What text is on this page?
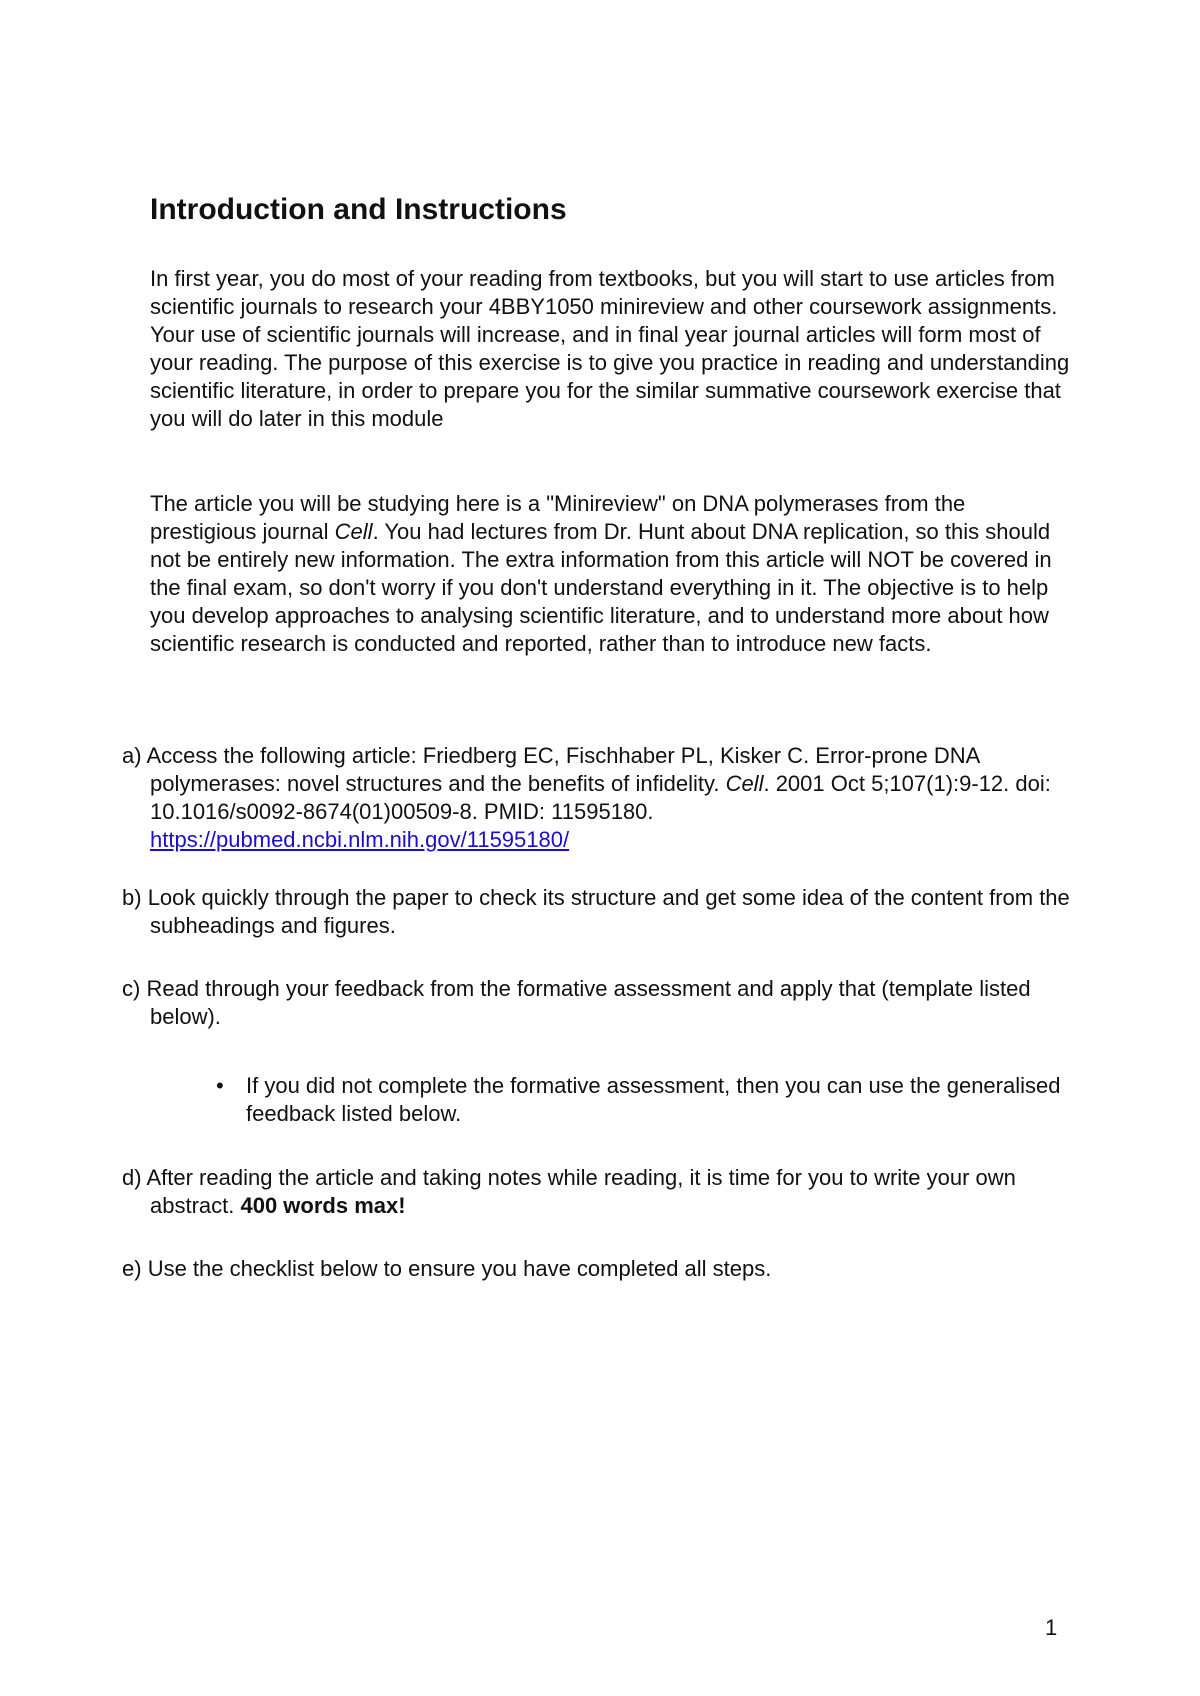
Introduction and Instructions

In first year, you do most of your reading from textbooks, but you will start to use articles from scientific journals to research your 4BBY1050 minireview and other coursework assignments. Your use of scientific journals will increase, and in final year journal articles will form most of your reading. The purpose of this exercise is to give you practice in reading and understanding scientific literature, in order to prepare you for the similar summative coursework exercise that you will do later in this module

The article you will be studying here is a "Minireview" on DNA polymerases from the prestigious journal Cell. You had lectures from Dr. Hunt about DNA replication, so this should not be entirely new information. The extra information from this article will NOT be covered in the final exam, so don't worry if you don't understand everything in it. The objective is to help you develop approaches to analysing scientific literature, and to understand more about how scientific research is conducted and reported, rather than to introduce new facts.

a) Access the following article: Friedberg EC, Fischhaber PL, Kisker C. Error-prone DNA polymerases: novel structures and the benefits of infidelity. Cell. 2001 Oct 5;107(1):9-12. doi: 10.1016/s0092-8674(01)00509-8. PMID: 11595180.
https://pubmed.ncbi.nlm.nih.gov/11595180/
b) Look quickly through the paper to check its structure and get some idea of the content from the subheadings and figures.
c) Read through your feedback from the formative assessment and apply that (template listed below).
• If you did not complete the formative assessment, then you can use the generalised feedback listed below.
d) After reading the article and taking notes while reading, it is time for you to write your own abstract. 400 words max!
e) Use the checklist below to ensure you have completed all steps.
1
